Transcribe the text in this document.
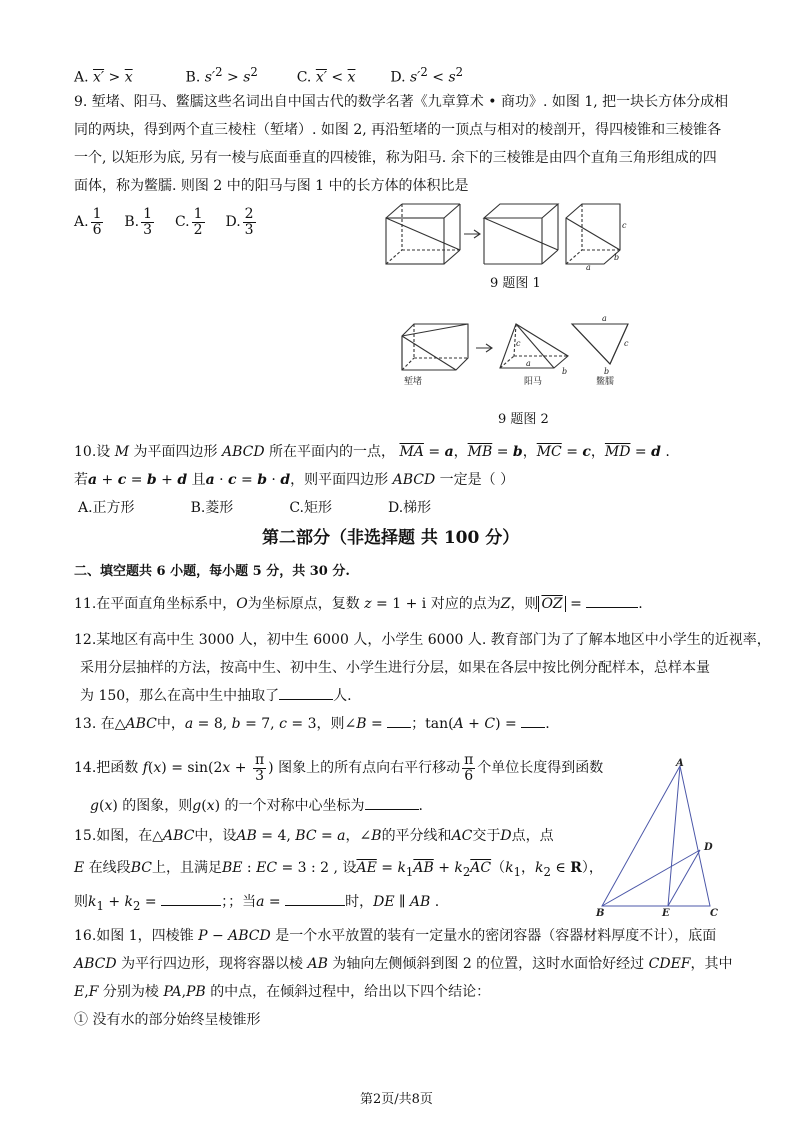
A. $x' > \overline{x}$	B. $s'^2 > s^2$	C. $x' < \overline{x}$ D. $s'^2 < s^2$
9. 堑堵、阳马、鳖臑这些名词出自中国古代的数学名著《九章算术 • 商功》. 如图 1, 把一块长方体分成相
同的两块，得到两个直三棱柱（堑堵）. 如图 2, 再沿堑堵的一顶点与相对的棱剖开，得四棱锥和三棱锥各
一个, 以矩形为底, 另有一棱与底面垂直的四棱锥，称为阳马. 余下的三棱锥是由四个直角三角形组成的四
面体，称为鳖臑. 则图 2 中的阳马与图 1 中的长方体的体积比是
A. $\frac{1}{6} B$. $\frac{1}{3} C$. $\frac{1}{2} D$. $\frac{2}{3}$	c
a
b
9 题图 1
c
a
b
a
c
b
堑堵	阳马	鳖臑
9 题图 2
10.设 M 为平面四边形 ABCD 所在平面内的一点， $\overline{MA} = a$，$\overline{MB} = b$，$\overline{MC} = c$，$\overline{MD} = d$ .
若a + c = b + d 且a · c = b · d，则平面四边形 ABCD 一定是（ ）
A.正方形	B.菱形	C.矩形	D.梯形
第二部分（非选择题 共 100 分）
二、填空题共 6 小题，每小题 5 分，共 30 分.
11.在平面直角坐标系中，O为坐标原点，复数 z = 1 + i 对应的点为Z，则 $\overline{OZ}$ =	.
12.某地区有高中生 3000 人，初中生 6000 人，小学生 6000 人. 教育部门为了了解本地区中小学生的近视率，
采用分层抽样的方法，按高中生、初中生、小学生进行分层，如果在各层中按比例分配样本，总样本量
为 150，那么在高中生中抽取了	人.
13. 在△ABC中，a = 8, b = 7, c = 3，则∠B = ；tan(A + C) = .
14.把函数 $f(x) = \sin(2x + \frac{\pi}{3}$ ) 图象上的所有点向右平行移动 $\frac{\pi}{6}$ 个单位长度得到函数
g(x) 的图象，则g(x) 的一个对称中心坐标为	.
15.如图，在△ABC中，设AB = 4, BC = a，∠B的平分线和AC交于D点，点
E 在线段BC上，且满足BE : EC = 3 : 2 , 设$\overline{AE} = k_1\overline{AB} + k_2\overline{AC}(k_1$，$k_2$ ∈ R），
则$k_1 + k_2$ =	；；当a =	时，DE ∥ AB .
A
B	C
D
E
16.如图 1，四棱锥 P − ABCD 是一个水平放置的装有一定量水的密闭容器（容器材料厚度不计），底面
ABCD 为平行四边形，现将容器以棱 AB 为轴向左侧倾斜到图 2 的位置，这时水面恰好经过 CDEF，其中
E,F 分别为棱 PA,PB 的中点，在倾斜过程中，给出以下四个结论：
① 没有水的部分始终呈棱锥形
第2页/共8页
